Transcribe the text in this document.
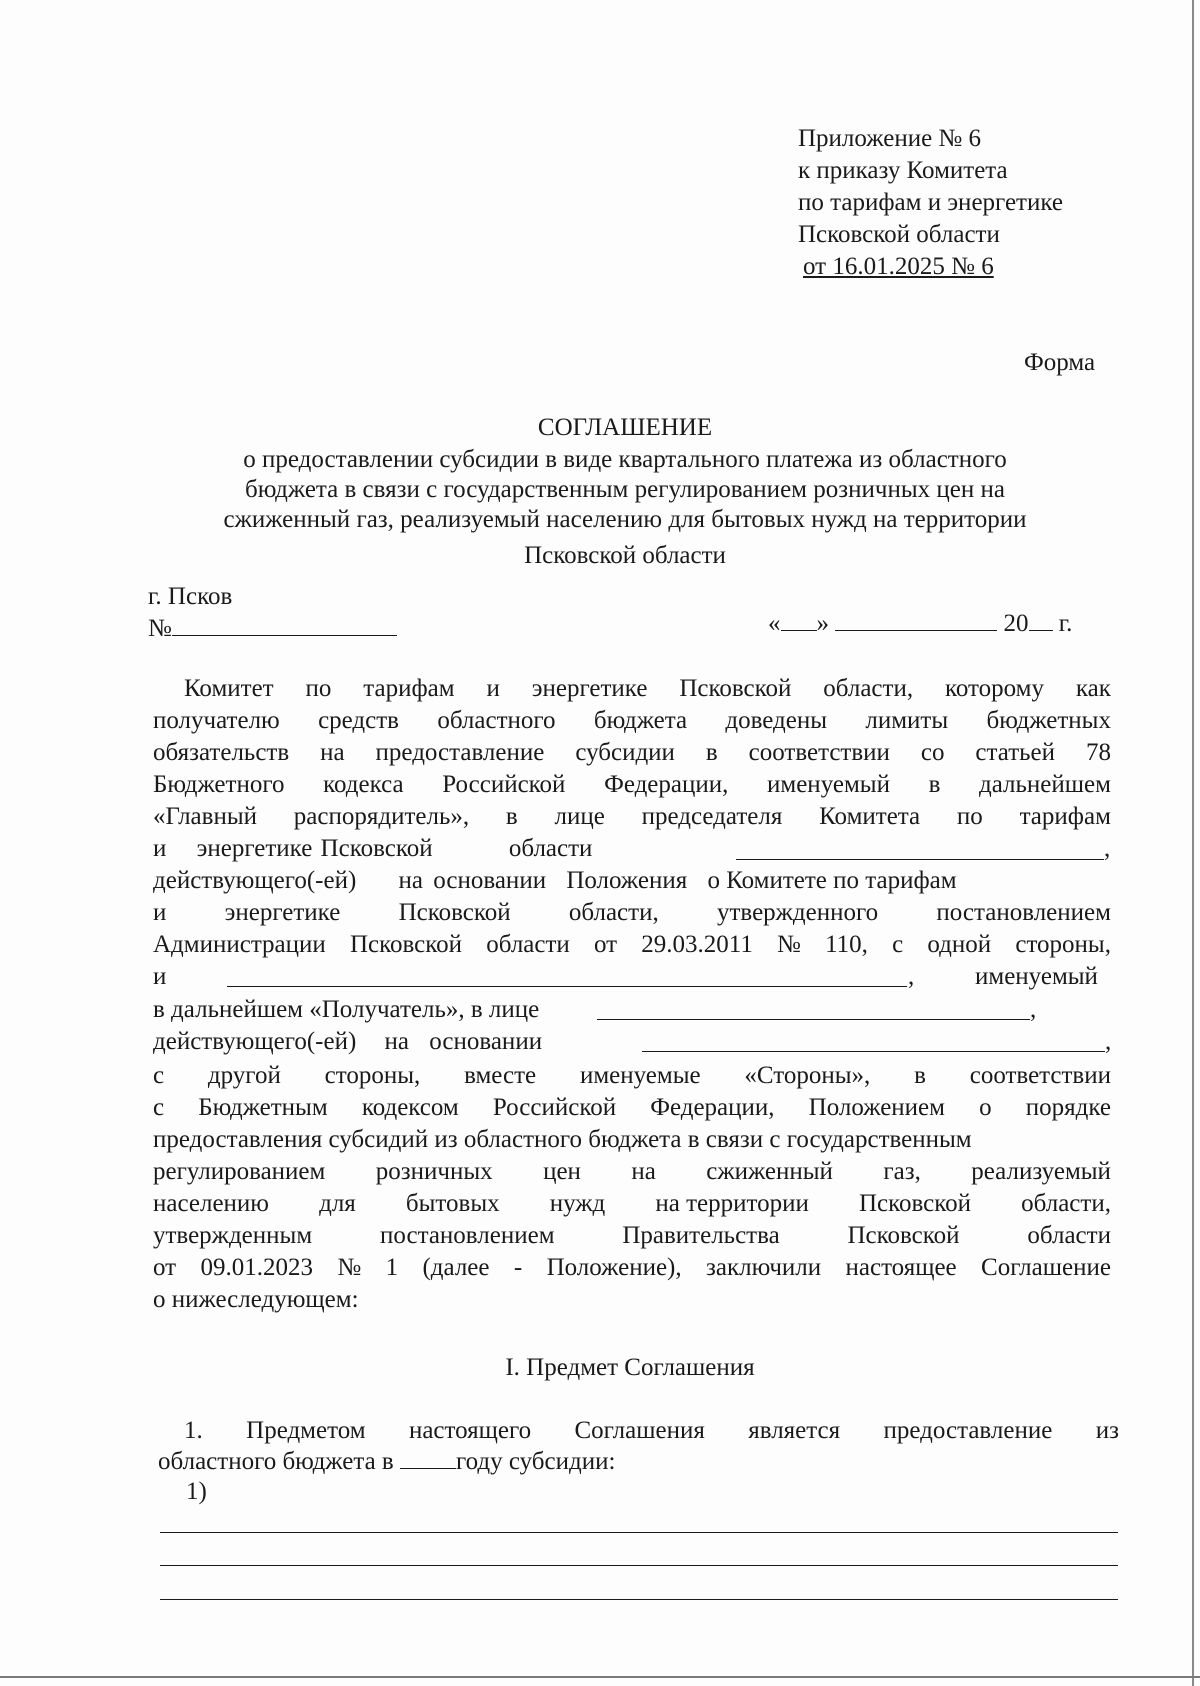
Приложение № 6
к приказу Комитета
по тарифам и энергетике
Псковской области
от 16.01.2025 № 6
Форма
СОГЛАШЕНИЕ
о предоставлении субсидии в виде квартального платежа из областного
бюджета в связи с государственным регулированием розничных цен на
сжиженный газ, реализуемый населению для бытовых нужд на территории
Псковской области
г. Псков
№	« »	20 г.
Комитет по тарифам и энергетике Псковской области, которому как
получателю средств областного бюджета доведены лимиты бюджетных
обязательств на предоставление субсидии в соответствии со статьей 78
Бюджетного кодекса Российской Федерации, именуемый в дальнейшем
«Главный распорядитель», в лице председателя Комитета по тарифам
и энергетике Псковской	области	,
действующего(-ей) на основании Положения о Комитете по тарифам
и энергетике Псковской области, утвержденного постановлением
Администрации Псковской области от 29.03.2011 № 110, с одной стороны,
и	, именуемый
в дальнейшем «Получатель», в лице	,
действующего(-ей) на основании	,
с другой стороны, вместе именуемые «Стороны», в соответствии
с Бюджетным кодексом Российской Федерации, Положением о порядке
предоставления субсидий из областного бюджета в связи с государственным
регулированием розничных цен на сжиженный газ, реализуемый
населению для бытовых нужд на территории Псковской области,
утвержденным	постановлением	Правительства	Псковской	области
от 09.01.2023 № 1 (далее - Положение), заключили настоящее Соглашение
о нижеследующем:
I. Предмет Соглашения
1. Предметом настоящего Соглашения является предоставление из
областного бюджета в году субсидии:
1)
